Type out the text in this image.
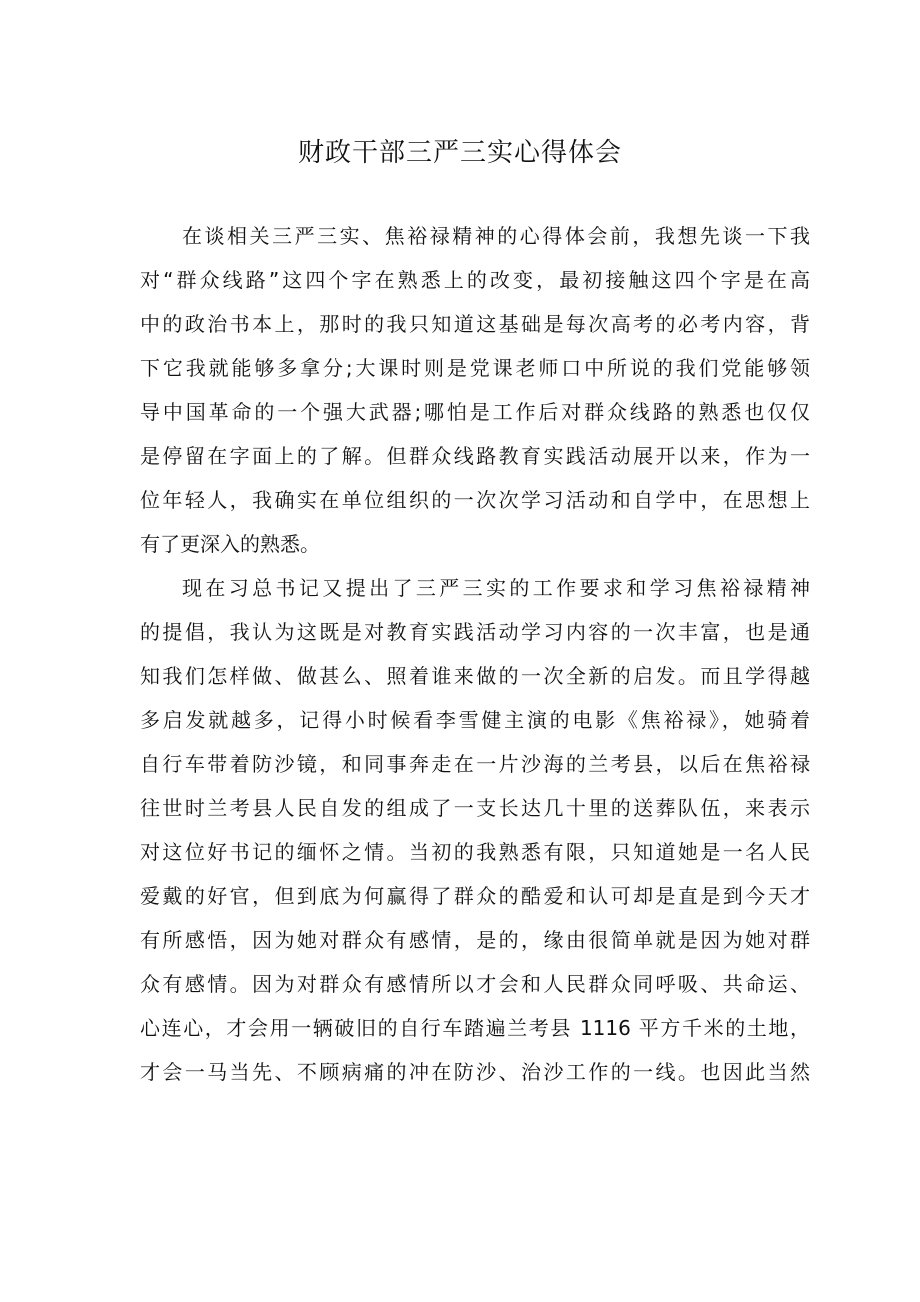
财政干部三严三实心得体会
在谈相关三严三实、焦裕禄精神的心得体会前，我想先谈一下我
对“群众线路”这四个字在熟悉上的改变，最初接触这四个字是在高
中的政治书本上，那时的我只知道这基础是每次高考的必考内容，背
下它我就能够多拿分;大课时则是党课老师口中所说的我们党能够领
导中国革命的一个强大武器;哪怕是工作后对群众线路的熟悉也仅仅
是停留在字面上的了解。但群众线路教育实践活动展开以来，作为一
位年轻人，我确实在单位组织的一次次学习活动和自学中，在思想上
有了更深入的熟悉。
现在习总书记又提出了三严三实的工作要求和学习焦裕禄精神
的提倡，我认为这既是对教育实践活动学习内容的一次丰富，也是通
知我们怎样做、做甚么、照着谁来做的一次全新的启发。而且学得越
多启发就越多，记得小时候看李雪健主演的电影《焦裕禄》，她骑着
自行车带着防沙镜，和同事奔走在一片沙海的兰考县，以后在焦裕禄
往世时兰考县人民自发的组成了一支长达几十里的送葬队伍，来表示
对这位好书记的缅怀之情。当初的我熟悉有限，只知道她是一名人民
爱戴的好官，但到底为何赢得了群众的酷爱和认可却是直是到今天才
有所感悟，因为她对群众有感情，是的，缘由很简单就是因为她对群
众有感情。因为对群众有感情所以才会和人民群众同呼吸、共命运、
心连心，才会用一辆破旧的自行车踏遍兰考县 1116 平方千米的土地，
才会一马当先、不顾病痛的冲在防沙、治沙工作的一线。也因此当然
